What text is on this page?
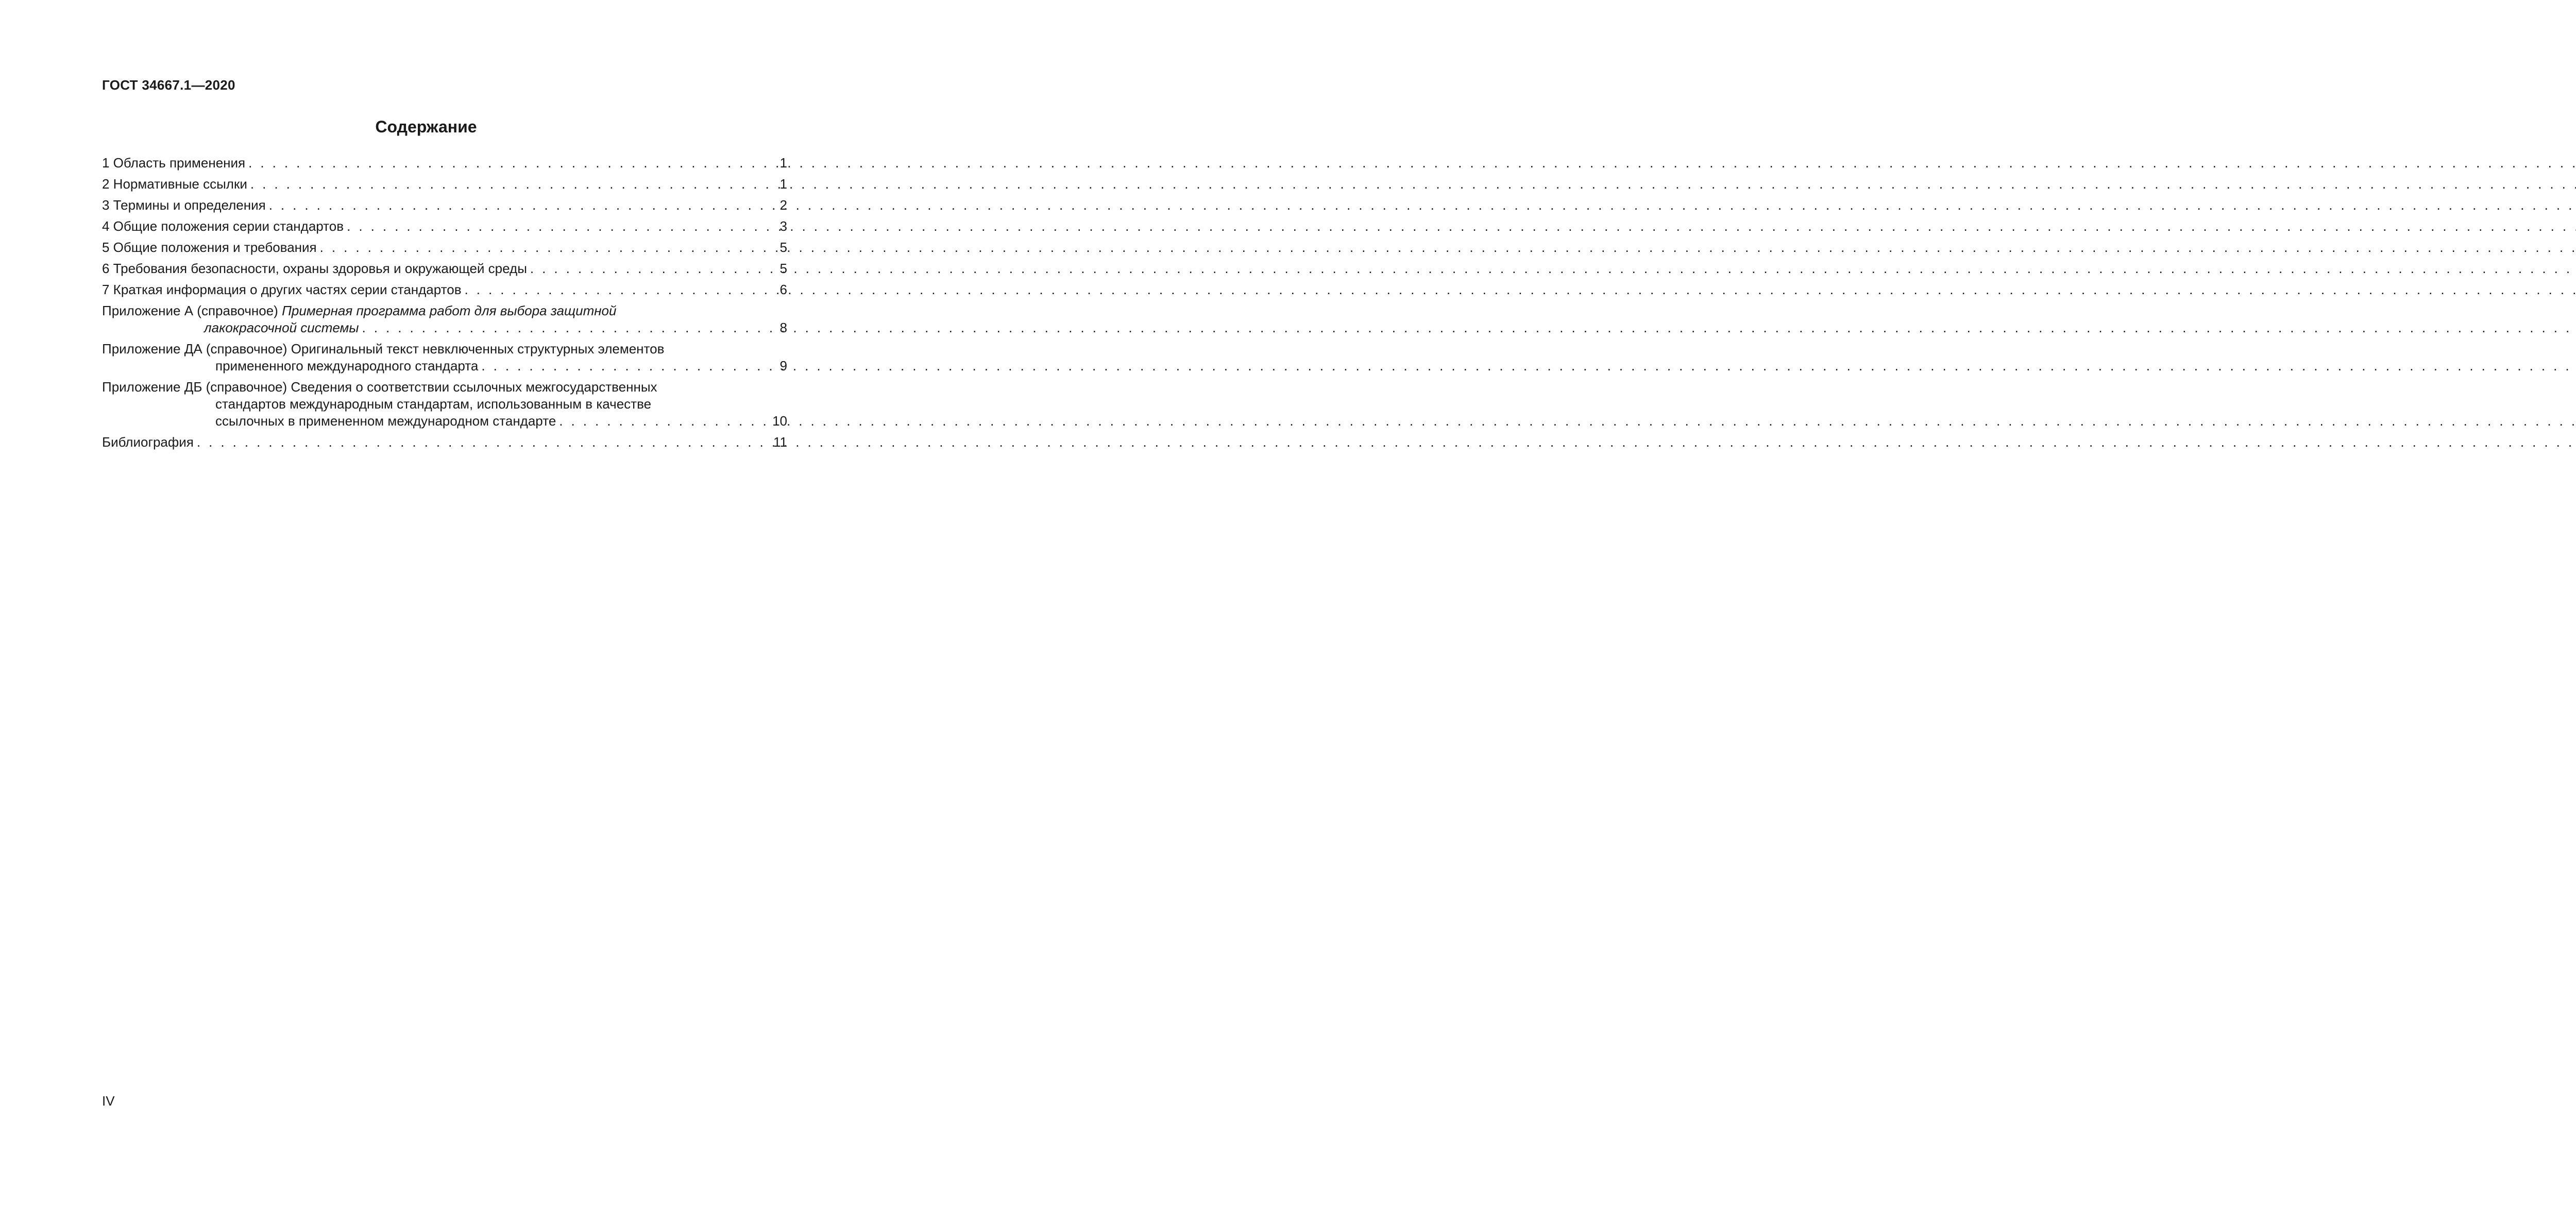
ГОСТ 34667.1—2020
Содержание
1 Область применения . . .	1
2 Нормативные ссылки . . .	1
3 Термины и определения . . .	2
4 Общие положения серии стандартов . . .	3
5 Общие положения и требования . . .	5
6 Требования безопасности, охраны здоровья и окружающей среды . . .	5
7 Краткая информация о других частях серии стандартов . . .	6
Приложение А (справочное) Примерная программа работ для выбора защитной
лакокрасочной системы . . .	8
Приложение ДА (справочное) Оригинальный текст невключенных структурных элементов
примененного международного стандарта . . .	9
Приложение ДБ (справочное) Сведения о соответствии ссылочных межгосударственных
стандартов международным стандартам, использованным в качестве
ссылочных в примененном международном стандарте . . .	10
Библиография . . .	11
IV
